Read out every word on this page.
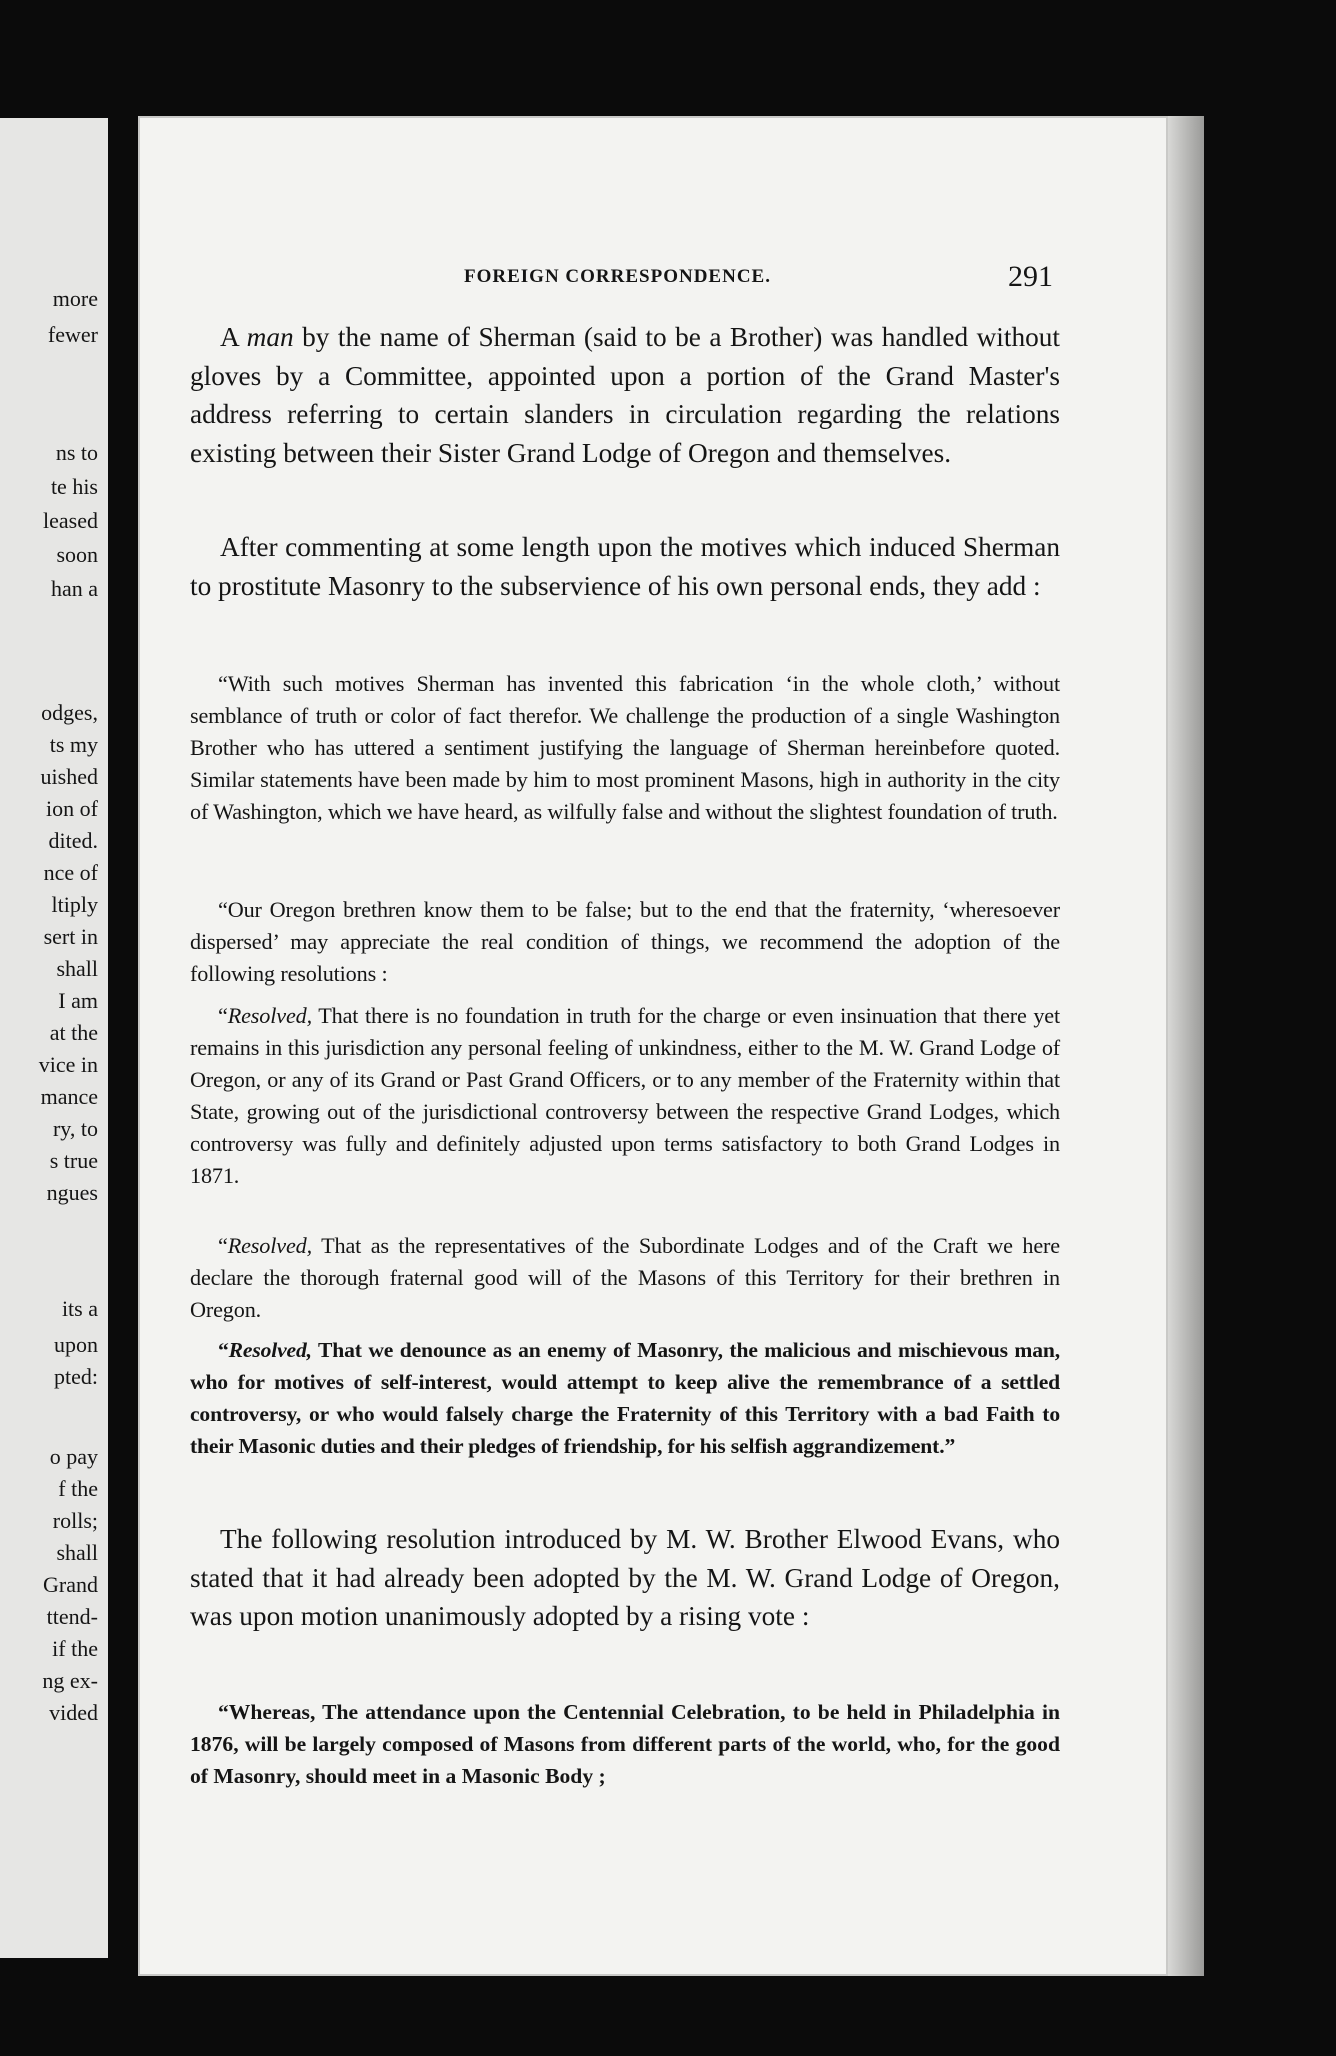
more
fewer
ns to
te his
leased
soon
han a
odges,
ts my
uished
ion of
dited.
nce of
ltiply
sert in
shall
I am
at the
vice in
mance
ry, to
s true
ngues
its a
upon
pted:
o pay
f the
rolls;
shall
Grand
ttend-
if the
ng ex-
vided
FOREIGN CORRESPONDENCE.	291

A man by the name of Sherman (said to be a Brother) was handled without gloves by a Committee, appointed upon a portion of the Grand Master's address referring to certain slanders in circulation regarding the relations existing between their Sister Grand Lodge of Oregon and themselves.

After commenting at some length upon the motives which induced Sherman to prostitute Masonry to the subservience of his own personal ends, they add :

“With such motives Sherman has invented this fabrication ‘in the whole cloth,’ without semblance of truth or color of fact therefor. We challenge the production of a single Washington Brother who has uttered a sentiment justifying the language of Sherman hereinbefore quoted. Similar statements have been made by him to most prominent Masons, high in authority in the city of Washington, which we have heard, as wilfully false and without the slightest foundation of truth.

“Our Oregon brethren know them to be false; but to the end that the fraternity, ‘wheresoever dispersed’ may appreciate the real condition of things, we recommend the adoption of the following resolutions :

“Resolved, That there is no foundation in truth for the charge or even insinuation that there yet remains in this jurisdiction any personal feeling of unkindness, either to the M. W. Grand Lodge of Oregon, or any of its Grand or Past Grand Officers, or to any member of the Fraternity within that State, growing out of the jurisdictional controversy between the respective Grand Lodges, which controversy was fully and definitely adjusted upon terms satisfactory to both Grand Lodges in 1871.

“Resolved, That as the representatives of the Subordinate Lodges and of the Craft we here declare the thorough fraternal good will of the Masons of this Territory for their brethren in Oregon.

“Resolved, That we denounce as an enemy of Masonry, the malicious and mischievous man, who for motives of self-interest, would attempt to keep alive the remembrance of a settled controversy, or who would falsely charge the Fraternity of this Territory with a bad Faith to their Masonic duties and their pledges of friendship, for his selfish aggrandizement.”

The following resolution introduced by M. W. Brother Elwood Evans, who stated that it had already been adopted by the M. W. Grand Lodge of Oregon, was upon motion unanimously adopted by a rising vote :

“Whereas, The attendance upon the Centennial Celebration, to be held in Philadelphia in 1876, will be largely composed of Masons from different parts of the world, who, for the good of Masonry, should meet in a Masonic Body ;
